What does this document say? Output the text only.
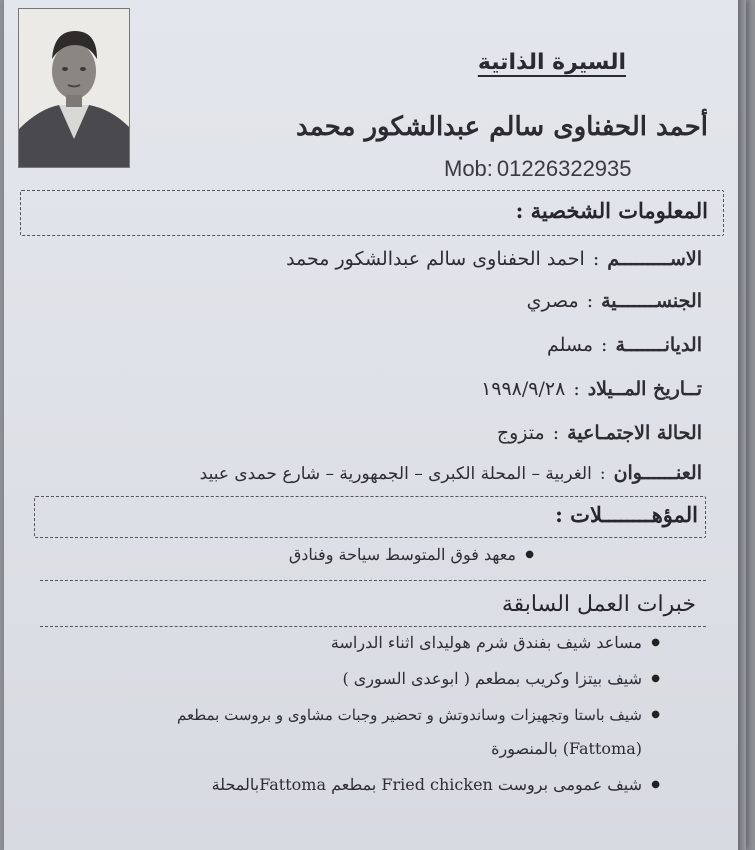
السيرة الذاتية
أحمد الحفناوى سالم عبدالشكور محمد
Mob: 01226322935
المعلومات الشخصية :
الاســـــــــم:احمد الحفناوى سالم عبدالشكور محمد
الجنســـــــية:مصري
الديانـــــــة:مسلم
تــاريخ المــيلاد:١٩٩٨/٩/٢٨
الحالة الاجتمـاعية:متزوج
العنــــــوان:الغربية – المحلة الكبرى – الجمهورية – شارع حمدى عبيد
المؤهــــــــلات :
● معهد فوق المتوسط سياحة وفنادق
خبرات العمل السابقة
● مساعد شيف بفندق شرم هوليداى اثناء الدراسة
● شيف بيتزا وكريب بمطعم ( ابوعدى السورى )
● شيف باستا وتجهيزات وساندوتش و تحضير وجبات مشاوى و بروست بمطعم
(Fattoma) بالمنصورة
● شيف عمومى بروست Fried chicken بمطعم Fattomaبالمحلة
